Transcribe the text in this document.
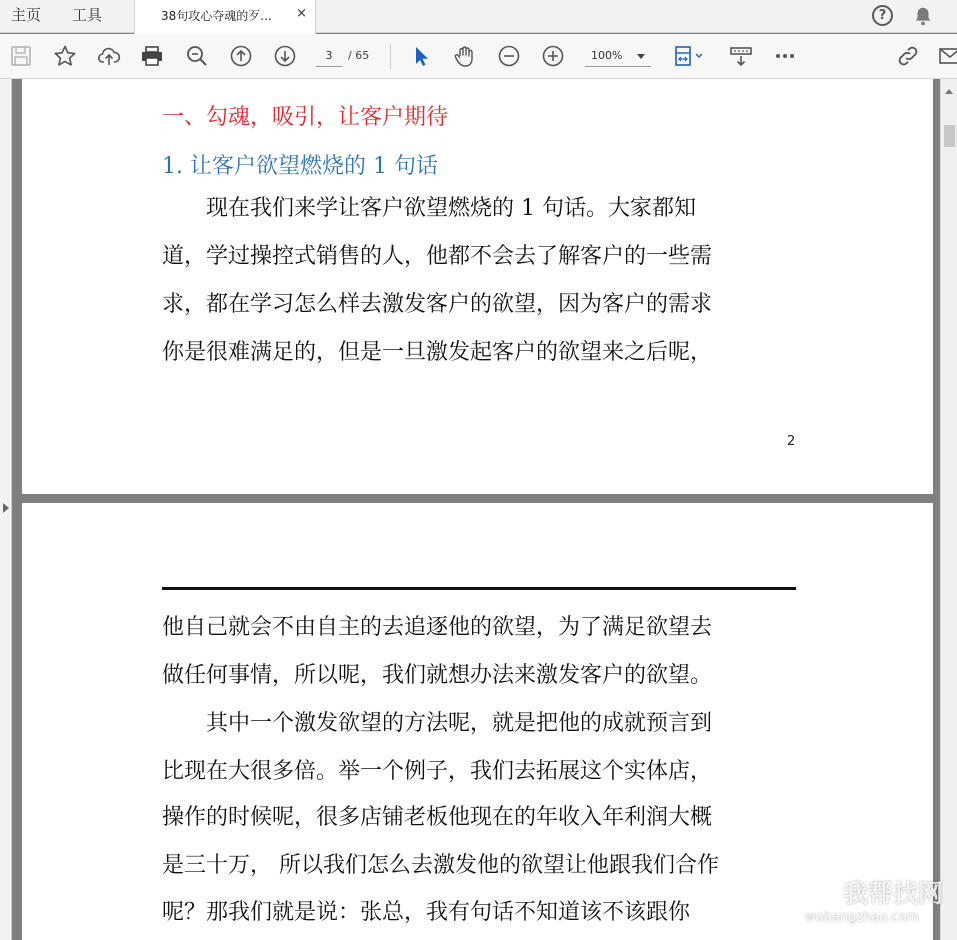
主页 工具	38句攻心夺魂的歹...	×	?
3
/ 65	100%
一、勾魂，吸引，让客户期待
1. 让客户欲望燃烧的 1 句话
　　现在我们来学让客户欲望燃烧的 1 句话。大家都知
道，学过操控式销售的人，他都不会去了解客户的一些需
求，都在学习怎么样去激发客户的欲望，因为客户的需求
你是很难满足的，但是一旦激发起客户的欲望来之后呢，
2
他自己就会不由自主的去追逐他的欲望，为了满足欲望去
做任何事情，所以呢，我们就想办法来激发客户的欲望。
　　其中一个激发欲望的方法呢，就是把他的成就预言到
比现在大很多倍。举一个例子，我们去拓展这个实体店，
操作的时候呢，很多店铺老板他现在的年收入年利润大概
是三十万， 所以我们怎么去激发他的欲望让他跟我们合作
呢？那我们就是说：张总，我有句话不知道该不该跟你
我帮找网
wobangzhao.com
